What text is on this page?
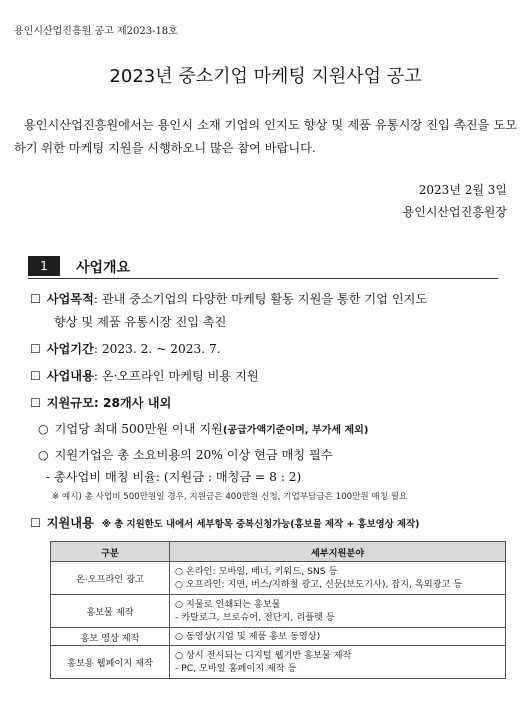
용인시산업진흥원 공고 제2023-18호
2023년 중소기업 마케팅 지원사업 공고
용인시산업진흥원에서는 용인시 소재 기업의 인지도 향상 및 제품 유통시장 진입 촉진을 도모하기 위한 마케팅 지원을 시행하오니 많은 참여 바랍니다.
2023년 2월 3일
용인시산업진흥원장
1	사업개요
☐ 사업목적: 관내 중소기업의 다양한 마케팅 활동 지원을 통한 기업 인지도
향상 및 제품 유통시장 진입 촉진
☐ 사업기간: 2023. 2. ~ 2023. 7.
☐ 사업내용: 온·오프라인 마케팅 비용 지원
☐ 지원규모: 28개사 내외
○ 기업당 최대 500만원 이내 지원(공급가액기준이며, 부가세 제외)
○ 지원기업은 총 소요비용의 20% 이상 현금 매칭 필수
- 총사업비 매칭 비율: (지원금 : 매칭금 = 8 : 2)
※ 예시) 총 사업비 500만원일 경우, 지원금은 400만원 신청, 기업부담금은 100만원 매칭 필요
☐ 지원내용 ※ 총 지원한도 내에서 세부항목 중복신청가능(홍보물 제작 + 홍보영상 제작)
구분	세부지원분야
온·오프라인 광고	○ 온라인: 모바일, 배너, 키워드, SNS 등
○ 오프라인: 지면, 버스/지하철 광고, 신문(보도기사), 잡지, 옥외광고 등

홍보물 제작	○ 지물로 인쇄되는 홍보물
- 카탈로그, 브로슈어, 전단지, 리플렛 등

홍보 영상 제작	○ 동영상(기업 및 제품 홍보 동영상)

홍보용 웹페이지 제작	○ 상시 전시되는 디지털 웹기반 홍보물 제작
- PC, 모바일 홈페이지 제작 등
